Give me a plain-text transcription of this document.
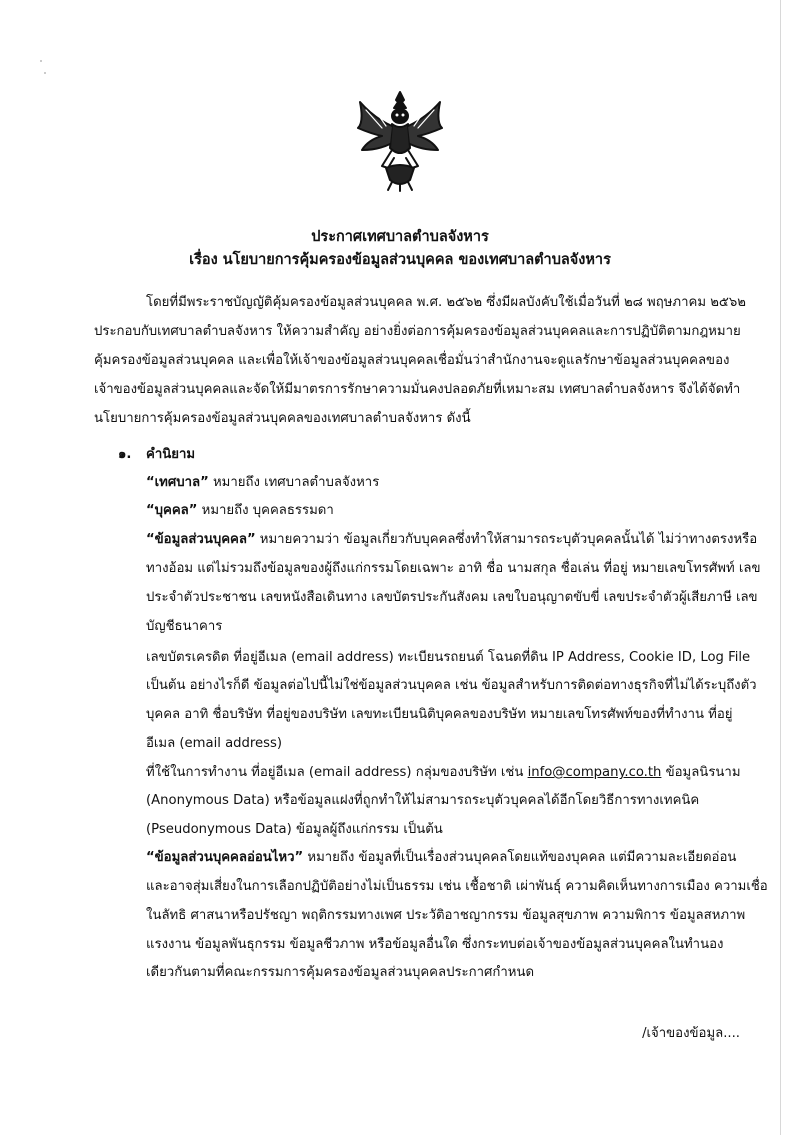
ประกาศเทศบาลตำบลจังหาร
เรื่อง นโยบายการคุ้มครองข้อมูลส่วนบุคคล ของเทศบาลตำบลจังหาร
โดยที่มีพระราชบัญญัติคุ้มครองข้อมูลส่วนบุคคล พ.ศ. ๒๕๖๒ ซึ่งมีผลบังคับใช้เมื่อวันที่ ๒๘ พฤษภาคม ๒๕๖๒
ประกอบกับเทศบาลตำบลจังหาร ให้ความสำคัญ อย่างยิ่งต่อการคุ้มครองข้อมูลส่วนบุคคลและการปฏิบัติตามกฎหมาย
คุ้มครองข้อมูลส่วนบุคคล และเพื่อให้เจ้าของข้อมูลส่วนบุคคลเชื่อมั่นว่าสำนักงานจะดูแลรักษาข้อมูลส่วนบุคคลของ
เจ้าของข้อมูลส่วนบุคคลและจัดให้มีมาตรการรักษาความมั่นคงปลอดภัยที่เหมาะสม เทศบาลตำบลจังหาร จึงได้จัดทำ
นโยบายการคุ้มครองข้อมูลส่วนบุคคลของเทศบาลตำบลจังหาร ดังนี้
๑. คำนิยาม
“เทศบาล” หมายถึง เทศบาลตำบลจังหาร
“บุคคล” หมายถึง บุคคลธรรมดา
“ข้อมูลส่วนบุคคล” หมายความว่า ข้อมูลเกี่ยวกับบุคคลซึ่งทำให้สามารถระบุตัวบุคคลนั้นได้ ไม่ว่าทางตรงหรือ
ทางอ้อม แต่ไม่รวมถึงข้อมูลของผู้ถึงแก่กรรมโดยเฉพาะ อาทิ ชื่อ นามสกุล ชื่อเล่น ที่อยู่ หมายเลขโทรศัพท์ เลข
ประจำตัวประชาชน เลขหนังสือเดินทาง เลขบัตรประกันสังคม เลขใบอนุญาตขับขี่ เลขประจำตัวผู้เสียภาษี เลข
บัญชีธนาคาร
เลขบัตรเครดิต ที่อยู่อีเมล (email address) ทะเบียนรถยนต์ โฉนดที่ดิน IP Address, Cookie ID, Log File
เป็นต้น อย่างไรก็ดี ข้อมูลต่อไปนี้ไม่ใช่ข้อมูลส่วนบุคคล เช่น ข้อมูลสำหรับการติดต่อทางธุรกิจที่ไม่ได้ระบุถึงตัว
บุคคล อาทิ ชื่อบริษัท ที่อยู่ของบริษัท เลขทะเบียนนิติบุคคลของบริษัท หมายเลขโทรศัพท์ของที่ทำงาน ที่อยู่
อีเมล (email address)
ที่ใช้ในการทำงาน ที่อยู่อีเมล (email address) กลุ่มของบริษัท เช่น info@company.co.th ข้อมูลนิรนาม
(Anonymous Data) หรือข้อมูลแฝงที่ถูกทำให้ไม่สามารถระบุตัวบุคคลได้อีกโดยวิธีการทางเทคนิค
(Pseudonymous Data) ข้อมูลผู้ถึงแก่กรรม เป็นต้น
“ข้อมูลส่วนบุคคลอ่อนไหว” หมายถึง ข้อมูลที่เป็นเรื่องส่วนบุคคลโดยแท้ของบุคคล แต่มีความละเอียดอ่อน
และอาจสุ่มเสี่ยงในการเลือกปฏิบัติอย่างไม่เป็นธรรม เช่น เชื้อชาติ เผ่าพันธุ์ ความคิดเห็นทางการเมือง ความเชื่อ
ในลัทธิ ศาสนาหรือปรัชญา พฤติกรรมทางเพศ ประวัติอาชญากรรม ข้อมูลสุขภาพ ความพิการ ข้อมูลสหภาพ
แรงงาน ข้อมูลพันธุกรรม ข้อมูลชีวภาพ หรือข้อมูลอื่นใด ซึ่งกระทบต่อเจ้าของข้อมูลส่วนบุคคลในทำนอง
เดียวกันตามที่คณะกรรมการคุ้มครองข้อมูลส่วนบุคคลประกาศกำหนด
/เจ้าของข้อมูล....
